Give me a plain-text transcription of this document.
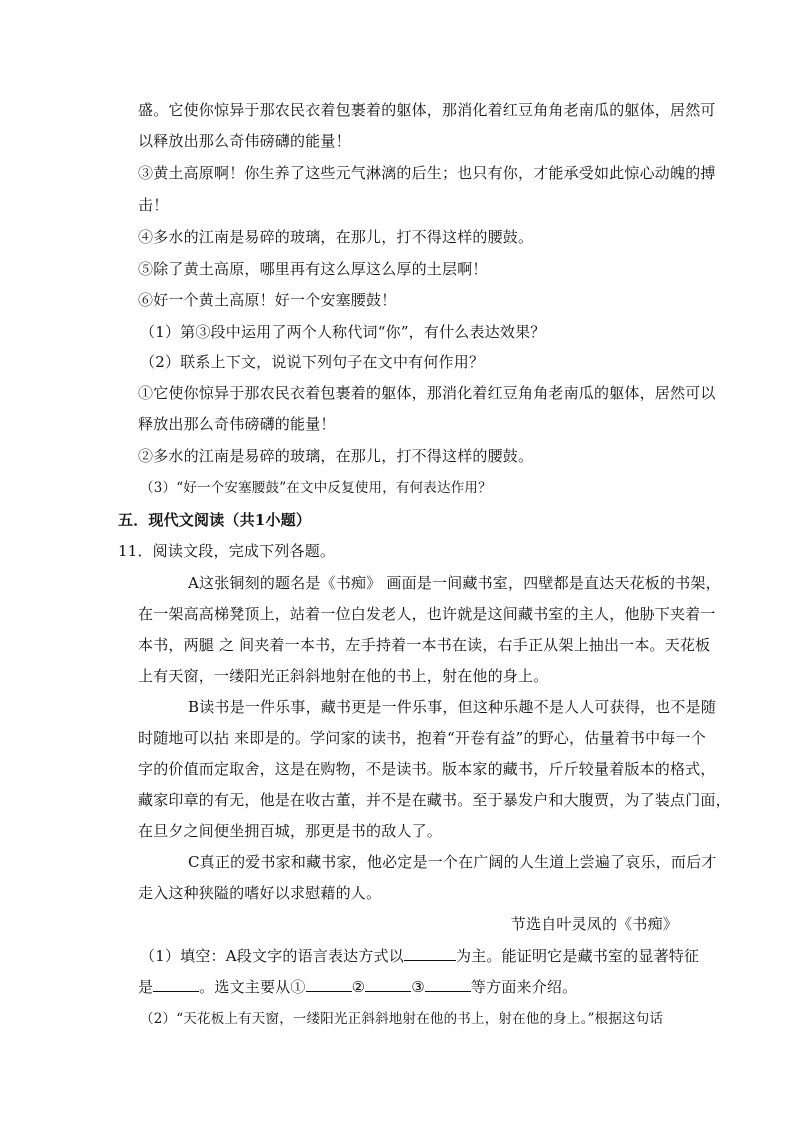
盛。它使你惊异于那农民衣着包裹着的躯体，那消化着红豆角角老南瓜的躯体，居然可
以释放出那么奇伟磅礴的能量！
③黄土高原啊！你生养了这些元气淋漓的后生；也只有你，才能承受如此惊心动魄的搏
击！
④多水的江南是易碎的玻璃，在那儿，打不得这样的腰鼓。
⑤除了黄土高原，哪里再有这么厚这么厚的土层啊！
⑥好一个黄土高原！好一个安塞腰鼓！
（1）第③段中运用了两个人称代词“你”，有什么表达效果？
（2）联系上下文，说说下列句子在文中有何作用？
①它使你惊异于那农民衣着包裹着的躯体，那消化着红豆角角老南瓜的躯体，居然可以
释放出那么奇伟磅礴的能量！
②多水的江南是易碎的玻璃，在那儿，打不得这样的腰鼓。
（3）“好一个安塞腰鼓”在文中反复使用，有何表达作用？
五．现代文阅读（共1小题）
11．阅读文段，完成下列各题。
A这张铜刻的题名是《书痴》 画面是一间藏书室，四壁都是直达天花板的书架，
在一架高高梯凳顶上，站着一位白发老人，也许就是这间藏书室的主人，他胁下夹着一
本书，两腿 之 间夹着一本书，左手持着一本书在读，右手正从架上抽出一本。天花板
上有天窗，一缕阳光正斜斜地射在他的书上，射在他的身上。
B读书是一件乐事，藏书更是一件乐事，但这种乐趣不是人人可获得，也不是随
时随地可以拈 来即是的。学问家的读书，抱着“开卷有益”的野心，估量着书中每一个
字的价值而定取舍，这是在购物，不是读书。版本家的藏书，斤斤较量着版本的格式，
藏家印章的有无，他是在收古董，并不是在藏书。至于暴发户和大腹贾，为了装点门面，
在旦夕之间便坐拥百城，那更是书的敌人了。
C真正的爱书家和藏书家，他必定是一个在广阔的人生道上尝遍了哀乐，而后才
走入这种狭隘的嗜好以求慰藉的人。
节选自叶灵凤的《书痴》
（1）填空：A段文字的语言表达方式以	为主。能证明它是藏书室的显著特征
是	。选文主要从①	②	③	等方面来介绍。
（2）“天花板上有天窗，一缕阳光正斜斜地射在他的书上，射在他的身上。”根据这句话
